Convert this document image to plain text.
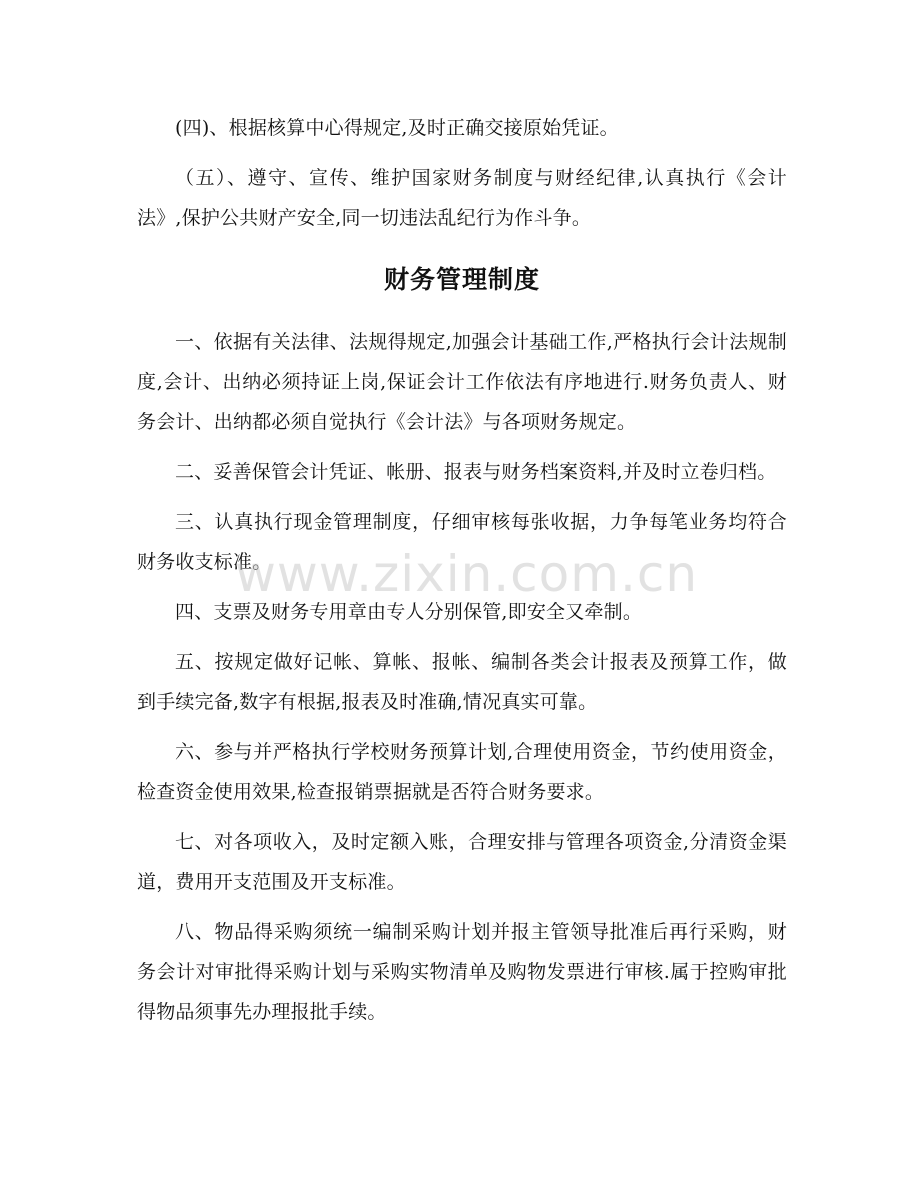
(四)、根据核算中心得规定,及时正确交接原始凭证。

（五）、遵守、宣传、维护国家财务制度与财经纪律,认真执行《会计法》,保护公共财产安全,同一切违法乱纪行为作斗争。

财务管理制度

一、依据有关法律、法规得规定,加强会计基础工作,严格执行会计法规制度,会计、出纳必须持证上岗,保证会计工作依法有序地进行.财务负责人、财务会计、出纳都必须自觉执行《会计法》与各项财务规定。

二、妥善保管会计凭证、帐册、报表与财务档案资料,并及时立卷归档。

三、认真执行现金管理制度，仔细审核每张收据，力争每笔业务均符合财务收支标准。

四、支票及财务专用章由专人分别保管,即安全又牵制。

五、按规定做好记帐、算帐、报帐、编制各类会计报表及预算工作，做到手续完备,数字有根据,报表及时准确,情况真实可靠。

六、参与并严格执行学校财务预算计划,合理使用资金，节约使用资金，检查资金使用效果,检查报销票据就是否符合财务要求。

七、对各项收入，及时定额入账，合理安排与管理各项资金,分清资金渠道，费用开支范围及开支标准。

八、物品得采购须统一编制采购计划并报主管领导批准后再行采购，财务会计对审批得采购计划与采购实物清单及购物发票进行审核.属于控购审批得物品须事先办理报批手续。

www.zixin.com.cn
